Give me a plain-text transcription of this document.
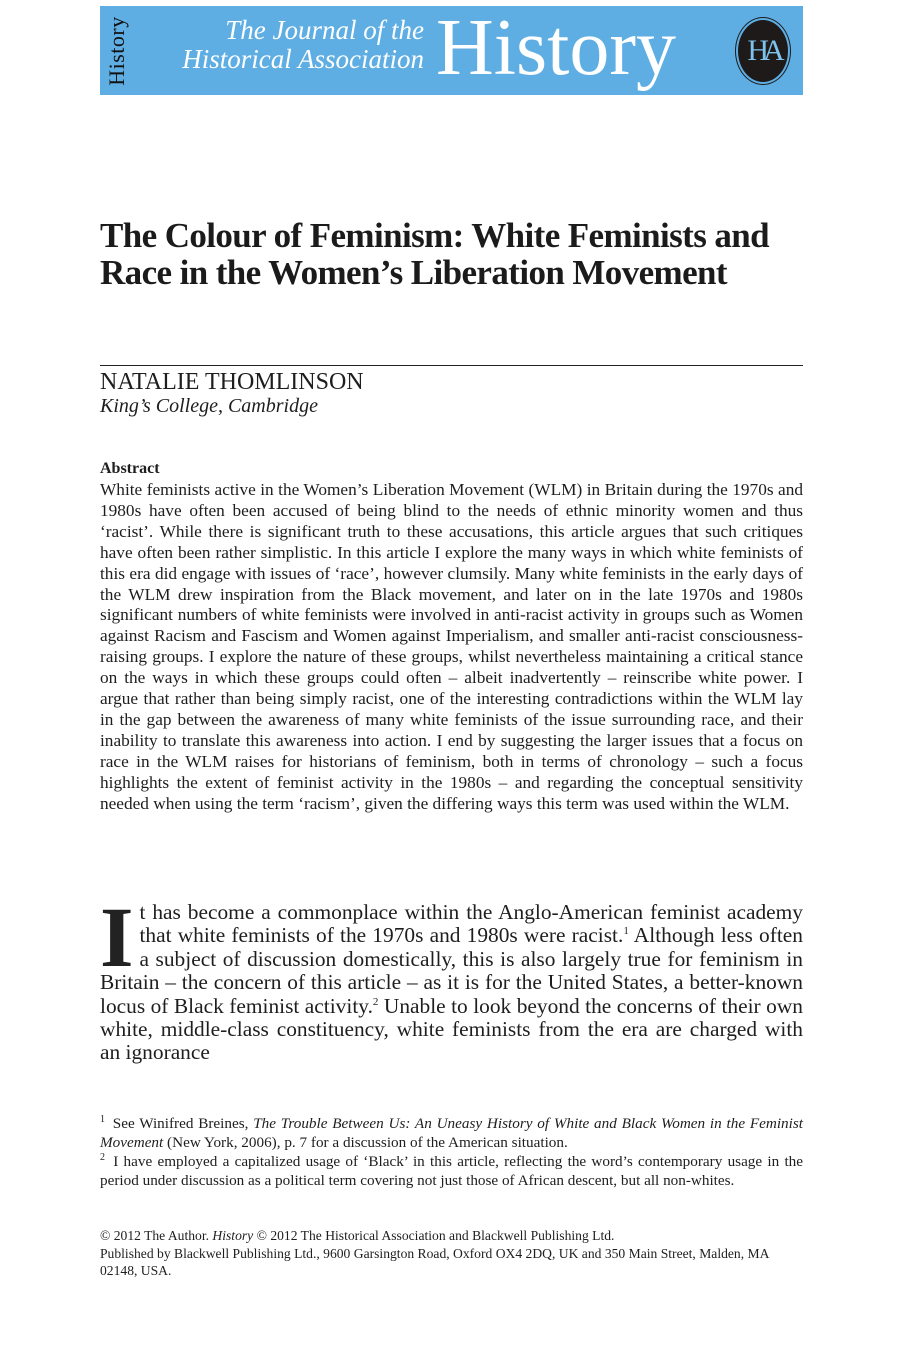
History	The Journal of the
Historical Association History HA
The Colour of Feminism: White Feminists and Race in the Women’s Liberation Movement
NATALIE THOMLINSON
King’s College, Cambridge
Abstract

White feminists active in the Women’s Liberation Movement (WLM) in Britain during the 1970s and 1980s have often been accused of being blind to the needs of ethnic minority women and thus ‘racist’. While there is significant truth to these accusations, this article argues that such critiques have often been rather simplistic. In this article I explore the many ways in which white feminists of this era did engage with issues of ‘race’, however clumsily. Many white feminists in the early days of the WLM drew inspiration from the Black movement, and later on in the late 1970s and 1980s significant numbers of white feminists were involved in anti-racist activity in groups such as Women against Racism and Fascism and Women against Imperialism, and smaller anti-racist consciousness-raising groups. I explore the nature of these groups, whilst nevertheless maintaining a critical stance on the ways in which these groups could often – albeit inadvertently – reinscribe white power. I argue that rather than being simply racist, one of the interesting contradictions within the WLM lay in the gap between the awareness of many white feminists of the issue surrounding race, and their inability to translate this awareness into action. I end by suggesting the larger issues that a focus on race in the WLM raises for historians of feminism, both in terms of chronology – such a focus highlights the extent of feminist activity in the 1980s – and regarding the conceptual sensitivity needed when using the term ‘racism’, given the differing ways this term was used within the WLM.

It has become a commonplace within the Anglo-American feminist academy that white feminists of the 1970s and 1980s were racist.$^1$ Although less often a subject of discussion domestically, this is also largely true for feminism in Britain – the concern of this article – as it is for the United States, a better-known locus of Black feminist activity.$^2$ Unable to look beyond the concerns of their own white, middle-class constituency, white feminists from the era are charged with an ignorance

$^1$ See Winifred Breines, The Trouble Between Us: An Uneasy History of White and Black Women in the Feminist Movement (New York, 2006), p. 7 for a discussion of the American situation.

$^2$ I have employed a capitalized usage of ‘Black’ in this article, reflecting the word’s contemporary usage in the period under discussion as a political term covering not just those of African descent, but all non-whites.

© 2012 The Author. History © 2012 The Historical Association and Blackwell Publishing Ltd.

Published by Blackwell Publishing Ltd., 9600 Garsington Road, Oxford OX4 2DQ, UK and 350 Main Street, Malden, MA 02148, USA.
